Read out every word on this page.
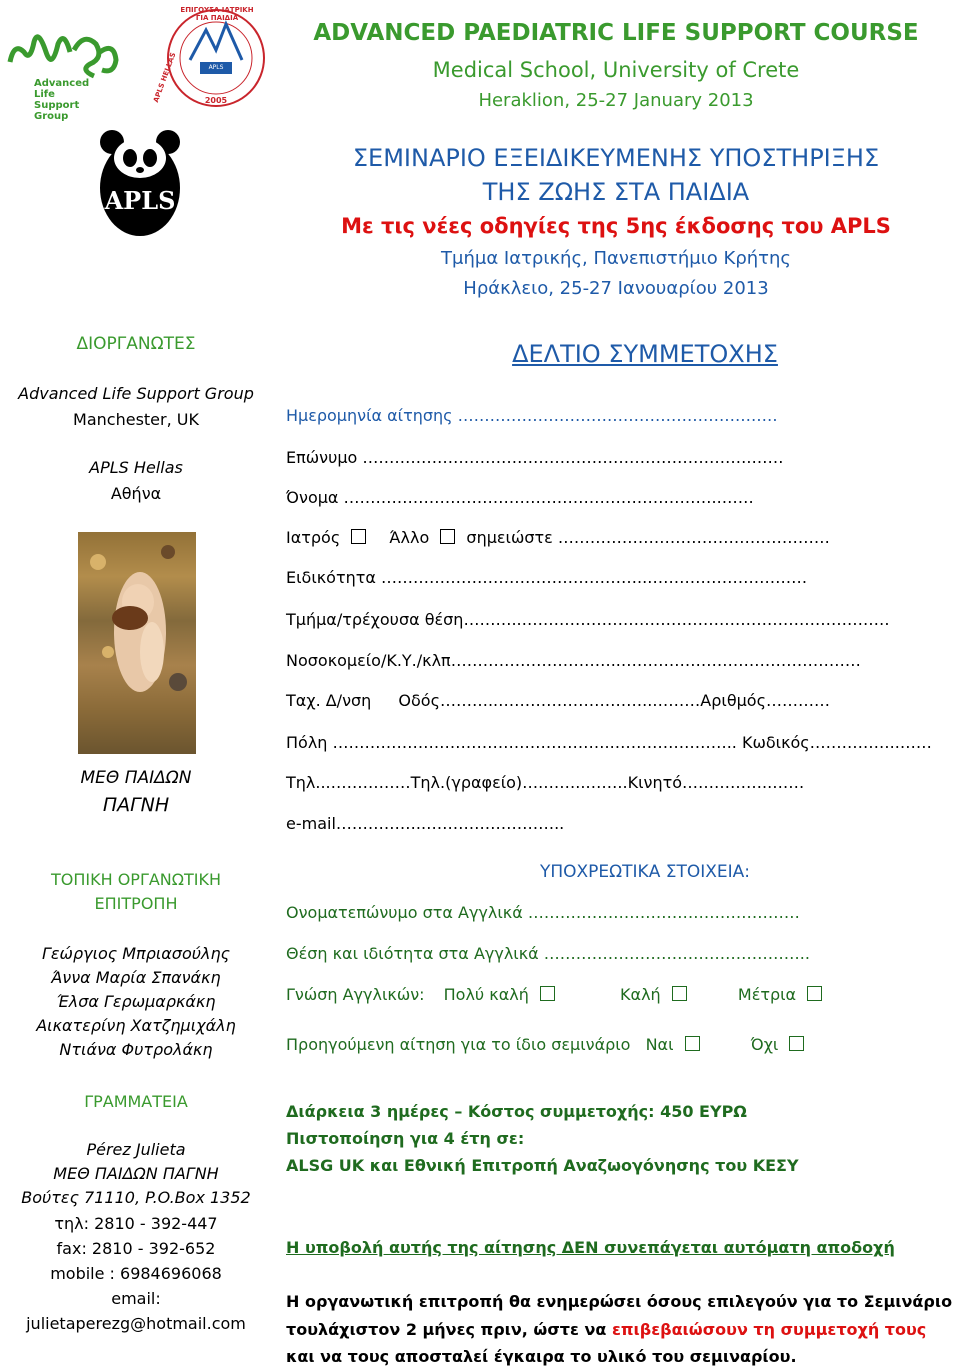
Advanced Life Support Group
ΕΠΙΓΟΥΣΑ ΙΑΤΡΙΚΗ ΓΙΑ ΠΑΙΔΙΑ
APLS HELLAS	APLS HELLAS
2005
APLS
ADVANCED PAEDIATRIC LIFE SUPPORT COURSE
Medical School, University of Crete
Heraklion, 25-27 January 2013
ΣΕΜΙΝΑΡΙΟ ΕΞΕΙΔΙΚΕΥΜΕΝΗΣ ΥΠΟΣΤΗΡΙΞΗΣ
ΤΗΣ ΖΩΗΣ ΣΤΑ ΠΑΙΔΙΑ
Με τις νέες οδηγίες της 5ης έκδοσης του APLS
Τμήμα Ιατρικής, Πανεπιστήμιο Κρήτης
Ηράκλειο, 25-27 Ιανουαρίου 2013
ΔΙΟΡΓΑΝΩΤΕΣ
Advanced Life Support Group
Manchester, UK
APLS Hellas
Αθήνα
ΜΕΘ ΠΑΙΔΩΝ
ΠΑΓΝΗ
ΤΟΠΙΚΗ ΟΡΓΑΝΩΤΙΚΗ
ΕΠΙΤΡΟΠΗ
Γεώργιος Μπριασούλης
Άννα Μαρία Σπανάκη
Έλσα Γερωμαρκάκη
Αικατερίνη Χατζημιχάλη
Ντιάνα Φυτρολάκη
ΓΡΑΜΜΑΤΕΙΑ
Pérez Julieta
ΜΕΘ ΠΑΙΔΩΝ ΠΑΓΝΗ
Βούτες 71110, P.O.Box 1352
τηλ: 2810 - 392-447
fax: 2810 - 392-652
mobile : 6984696068
email:
julietaperezg@hotmail.com
ΔΕΛΤΙΟ ΣΥΜΜΕΤΟΧΗΣ
Ημερομηνία αίτησης ……………………………………………………
Επώνυμο ……………………………………………………………….……
Όνομα ……………………………………………………………..……
Ιατρός	Άλλο σημειώστε ……………………………………………
Ειδικότητα …………………………………………..…………………………
Τμήμα/τρέχουσα θέση………..……………………………………………………………
Νοσοκομείο/Κ.Υ./κλπ…………………………..………………………………………
Ταχ. Δ/νση Οδός………..………………………..………Αριθμός…………
Πόλη ……………………………………………..………………….. Κωδικός……………..……
Τηλ...……………Τηλ.(γραφείο)….……..……..Κινητό……………..……
e-mail……………..……………………..
ΥΠΟΧΡΕΩΤΙΚΑ ΣΤΟΙΧΕΙΑ:
Ονοματεπώνυμο στα Αγγλικά ……………………………………………
Θέση και ιδιότητα στα Αγγλικά …………………………………………..
Γνώση Αγγλικών: Πολύ καλή	Καλή	Μέτρια
Προηγούμενη αίτηση για το ίδιο σεμινάριο Ναι	Όχι
Διάρκεια 3 ημέρες – Κόστος συμμετοχής: 450 ΕΥΡΩ
Πιστοποίηση για 4 έτη σε:
ALSG UK και Εθνική Επιτροπή Αναζωογόνησης του ΚΕΣΥ
Η υποβολή αυτής της αίτησης ΔΕΝ συνεπάγεται αυτόματη αποδοχή
Η οργανωτική επιτροπή θα ενημερώσει όσους επιλεγούν για το Σεμινάριο
τουλάχιστον 2 μήνες πριν, ώστε να επιβεβαιώσουν τη συμμετοχή τους
και να τους αποσταλεί έγκαιρα το υλικό του σεμιναρίου.
